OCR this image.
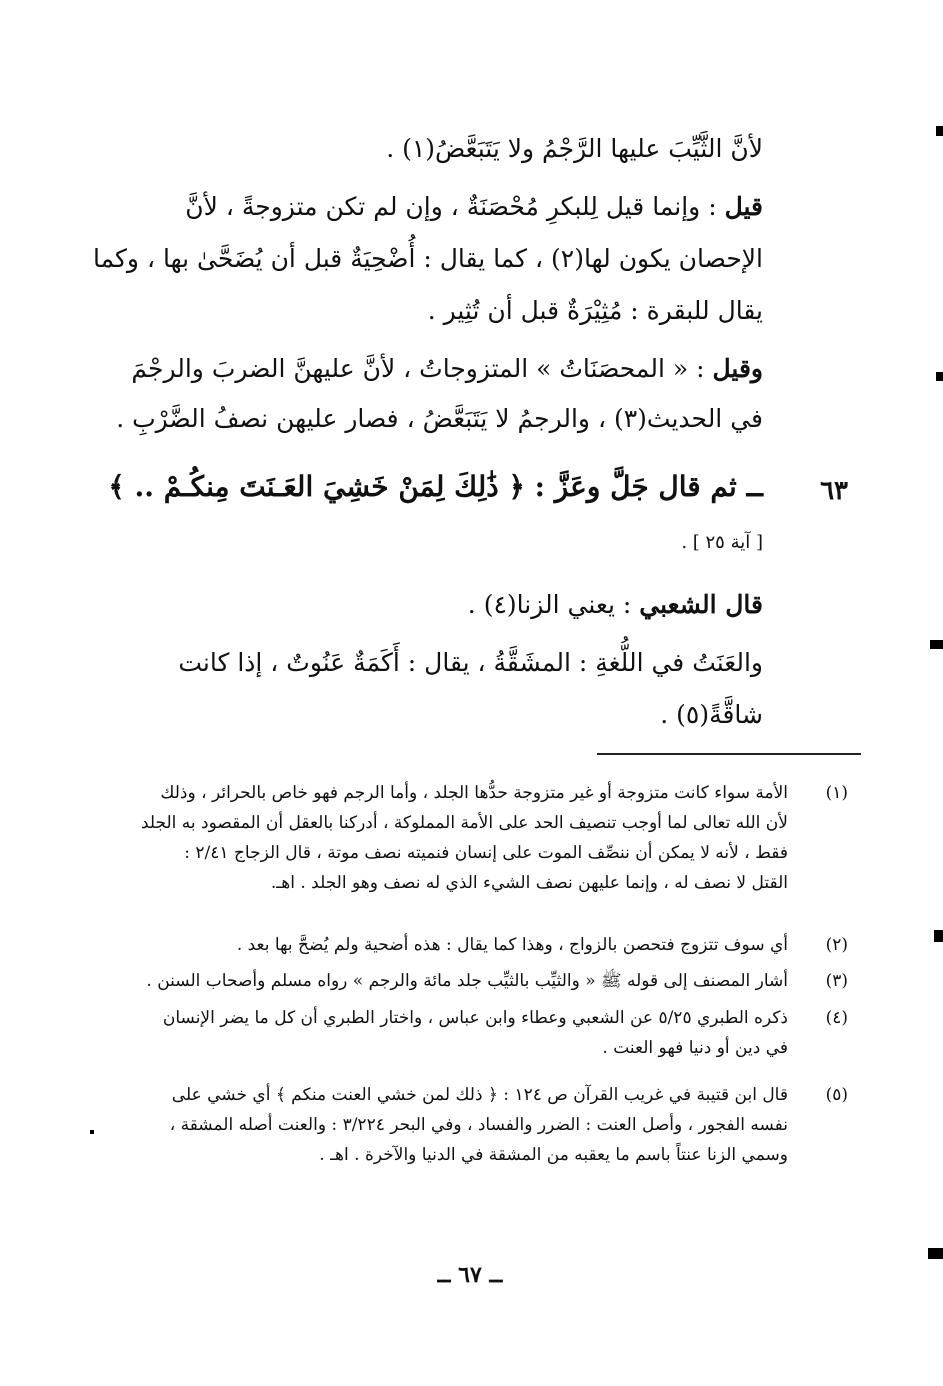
لأنَّ الثَّيِّبَ عليها الرَّجْمُ ولا يَتَبَعَّضُ(١) .
قيل : وإنما قيل لِلبكرِ مُحْصَنَةٌ ، وإن لم تكن متزوجةً ، لأنَّ
الإحصان يكون لها(٢) ، كما يقال : أُضْحِيَةٌ قبل أن يُضَحَّىٰ بها ، وكما
يقال للبقرة : مُثِيْرَةٌ قبل أن تُثِير .
وقيل : « المحصَنَاتُ » المتزوجاتُ ، لأنَّ عليهنَّ الضربَ والرجْمَ
في الحديث(٣) ، والرجمُ لا يَتَبَعَّضُ ، فصار عليهن نصفُ الضَّرْبِ .
٦٣
ــ ثم قال جَلَّ وعَزَّ : ﴿ ذَٰلِكَ لِمَنْ خَشِيَ العَـنَتَ مِنكُـمْ .. ﴾
[ آية ٢٥ ] .
قال الشعبي : يعني الزنا(٤) .
والعَنَتُ في اللُّغةِ : المشَقَّةُ ، يقال : أَكَمَةٌ عَنُوتٌ ، إذا كانت
شاقَّةً(٥) .
(١)
الأمة سواء كانت متزوجة أو غير متزوجة حدُّها الجلد ، وأما الرجم فهو خاص بالحرائر ، وذلك
لأن الله تعالى لما أوجب تنصيف الحد على الأمة المملوكة ، أدركنا بالعقل أن المقصود به الجلد
فقط ، لأنه لا يمكن أن ننصِّف الموت على إنسان فنميته نصف موتة ، قال الزجاج ٢/٤١ :
القتل لا نصف له ، وإنما عليهن نصف الشيء الذي له نصف وهو الجلد . اهـ.
(٢)
أي سوف تتزوج فتحصن بالزواج ، وهذا كما يقال : هذه أضحية ولم يُضحَّ بها بعد .
(٣)
أشار المصنف إلى قوله ﷺ « والثيِّب بالثيِّب جلد مائة والرجم » رواه مسلم وأصحاب السنن .
(٤)
ذكره الطبري ٥/٢٥ عن الشعبي وعطاء وابن عباس ، واختار الطبري أن كل ما يضر الإنسان
في دين أو دنيا فهو العنت .
(٥)
قال ابن قتيبة في غريب القرآن ص ١٢٤ : ﴿ ذلك لمن خشي العنت منكم ﴾ أي خشي على
نفسه الفجور ، وأصل العنت : الضرر والفساد ، وفي البحر ٣/٢٢٤ : والعنت أصله المشقة ،
وسمي الزنا عنتاً باسم ما يعقبه من المشقة في الدنيا والآخرة . اهـ .
ــ ٦٧ ــ
